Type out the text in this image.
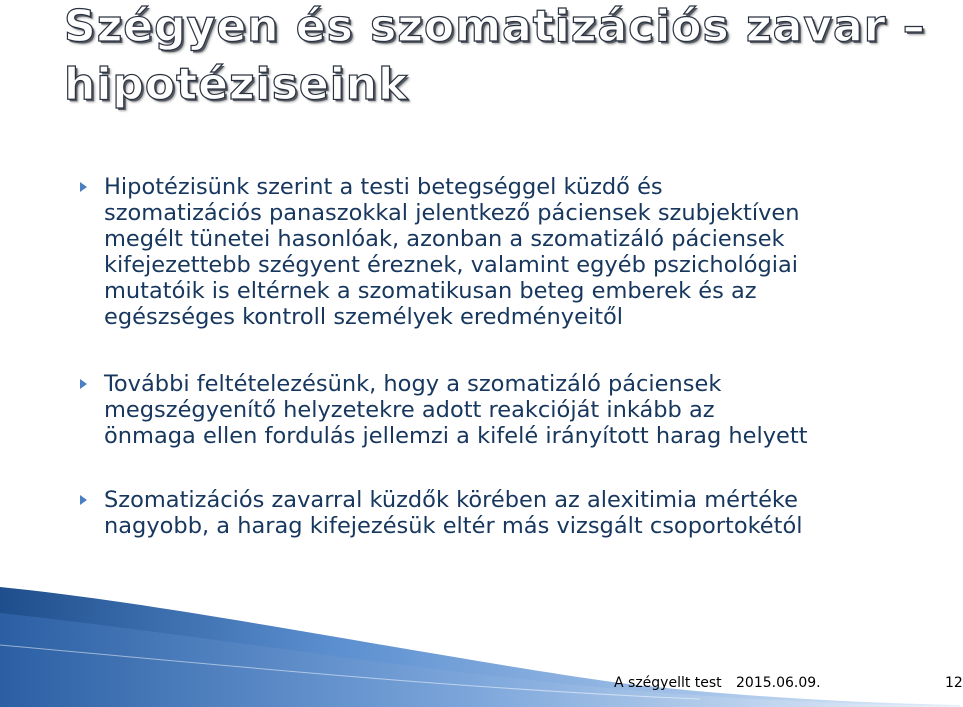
Szégyen és szomatizációs zavar –
hipotéziseink
Hipotézisünk szerint a testi betegséggel küzdő és
szomatizációs panaszokkal jelentkező páciensek szubjektíven
megélt tünetei hasonlóak, azonban a szomatizáló páciensek
kifejezettebb szégyent éreznek, valamint egyéb pszichológiai
mutatóik is eltérnek a szomatikusan beteg emberek és az
egészséges kontroll személyek eredményeitől
További feltételezésünk, hogy a szomatizáló páciensek
megszégyenítő helyzetekre adott reakcióját inkább az
önmaga ellen fordulás jellemzi a kifelé irányított harag helyett
Szomatizációs zavarral küzdők körében az alexitimia mértéke
nagyobb, a harag kifejezésük eltér más vizsgált csoportokétól
A szégyellt test 2015.06.09.	12
